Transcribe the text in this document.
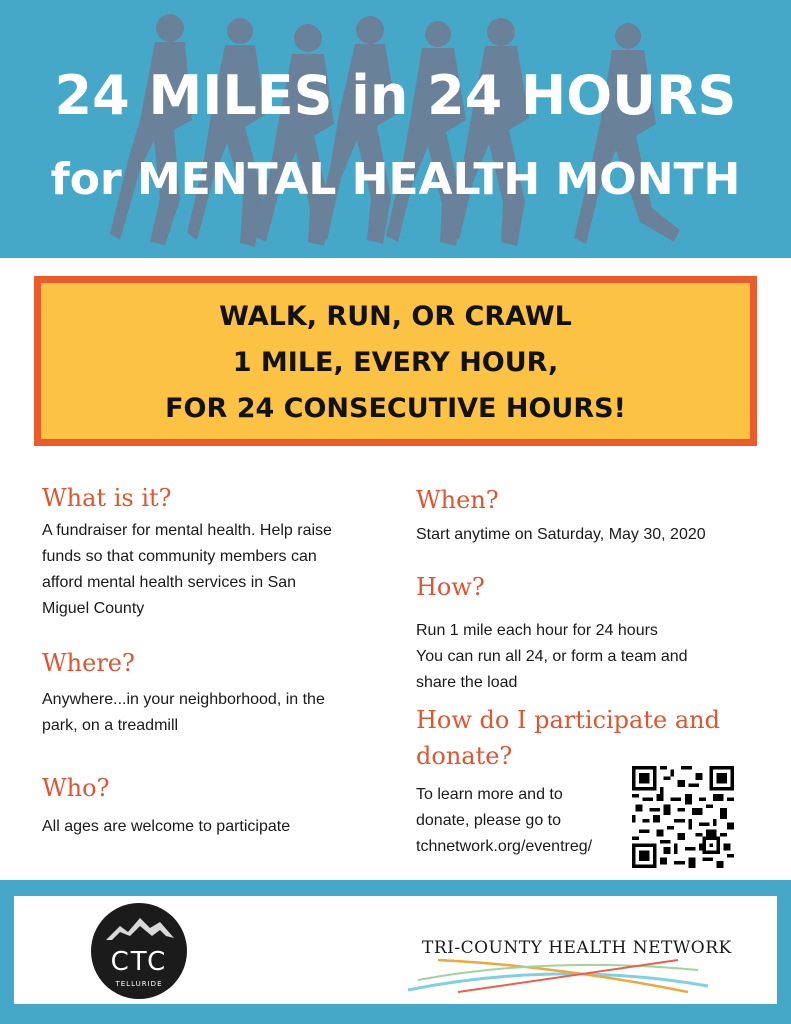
24 MILES in 24 HOURS
for MENTAL HEALTH MONTH
WALK, RUN, OR CRAWL
1 MILE, EVERY HOUR,
FOR 24 CONSECUTIVE HOURS!
What is it?
A fundraiser for mental health. Help raise
funds so that community members can
afford mental health services in San
Miguel County
Where?
Anywhere...in your neighborhood, in the
park, on a treadmill
Who?
All ages are welcome to participate
When?
Start anytime on Saturday, May 30, 2020
How?
Run 1 mile each hour for 24 hours
You can run all 24, or form a team and
share the load
How do I participate and
donate?
To learn more and to
donate, please go to
tchnetwork.org/eventreg/
CTC
TELLURIDE
TRI-COUNTY HEALTH NETWORK
